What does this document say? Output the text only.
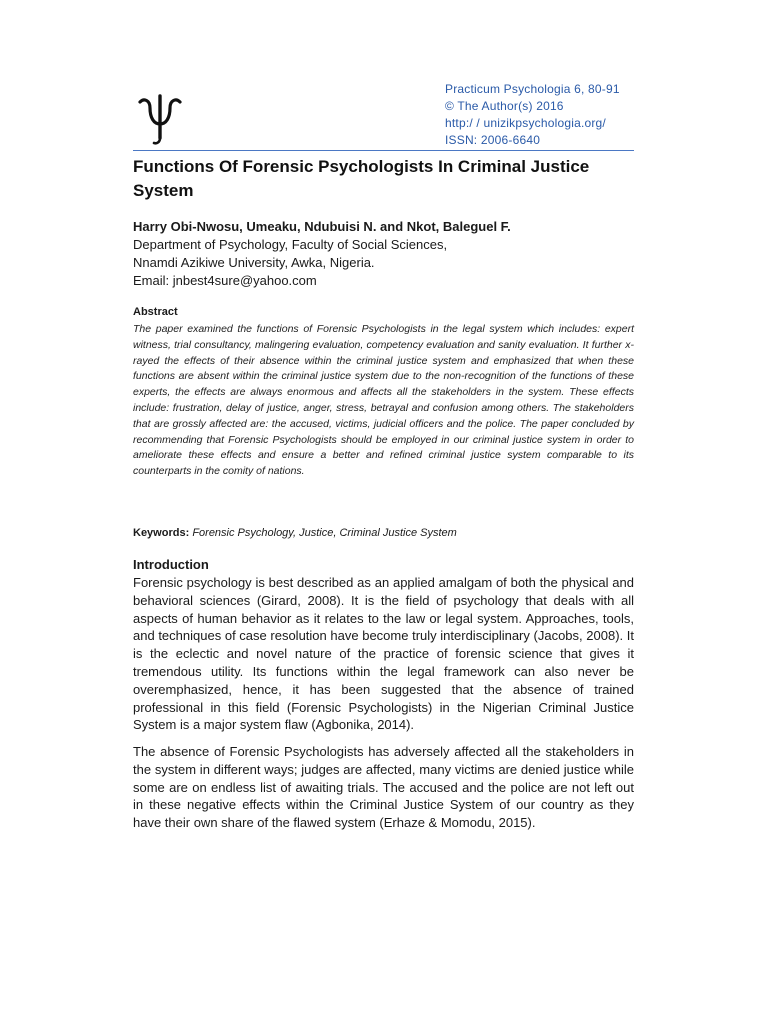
Practicum Psychologia 6, 80-91
© The Author(s) 2016
http:/ / unizikpsychologia.org/
ISSN: 2006-6640
Functions Of Forensic Psychologists In Criminal Justice System
Harry Obi-Nwosu, Umeaku, Ndubuisi N. and Nkot, Baleguel F.
Department of Psychology, Faculty of Social Sciences,
Nnamdi Azikiwe University, Awka, Nigeria.
Email: jnbest4sure@yahoo.com
Abstract

The paper examined the functions of Forensic Psychologists in the legal system which includes: expert witness, trial consultancy, malingering evaluation, competency evaluation and sanity evaluation. It further x- rayed the effects of their absence within the criminal justice system and emphasized that when these functions are absent within the criminal justice system due to the non-recognition of the functions of these experts, the effects are always enormous and affects all the stakeholders in the system. These effects include: frustration, delay of justice, anger, stress, betrayal and confusion among others. The stakeholders that are grossly affected are: the accused, victims, judicial officers and the police. The paper concluded by recommending that Forensic Psychologists should be employed in our criminal justice system in order to ameliorate these effects and ensure a better and refined criminal justice system comparable to its counterparts in the comity of nations.

Keywords: Forensic Psychology, Justice, Criminal Justice System
Introduction

Forensic psychology is best described as an applied amalgam of both the physical and behavioral sciences (Girard, 2008). It is the field of psychology that deals with all aspects of human behavior as it relates to the law or legal system. Approaches, tools, and techniques of case resolution have become truly interdisciplinary (Jacobs, 2008). It is the eclectic and novel nature of the practice of forensic science that gives it tremendous utility. Its functions within the legal framework can also never be overemphasized, hence, it has been suggested that the absence of trained professional in this field (Forensic Psychologists) in the Nigerian Criminal Justice System is a major system flaw (Agbonika, 2014).

The absence of Forensic Psychologists has adversely affected all the stakeholders in the system in different ways; judges are affected, many victims are denied justice while some are on endless list of awaiting trials. The accused and the police are not left out in these negative effects within the Criminal Justice System of our country as they have their own share of the flawed system (Erhaze & Momodu, 2015).
